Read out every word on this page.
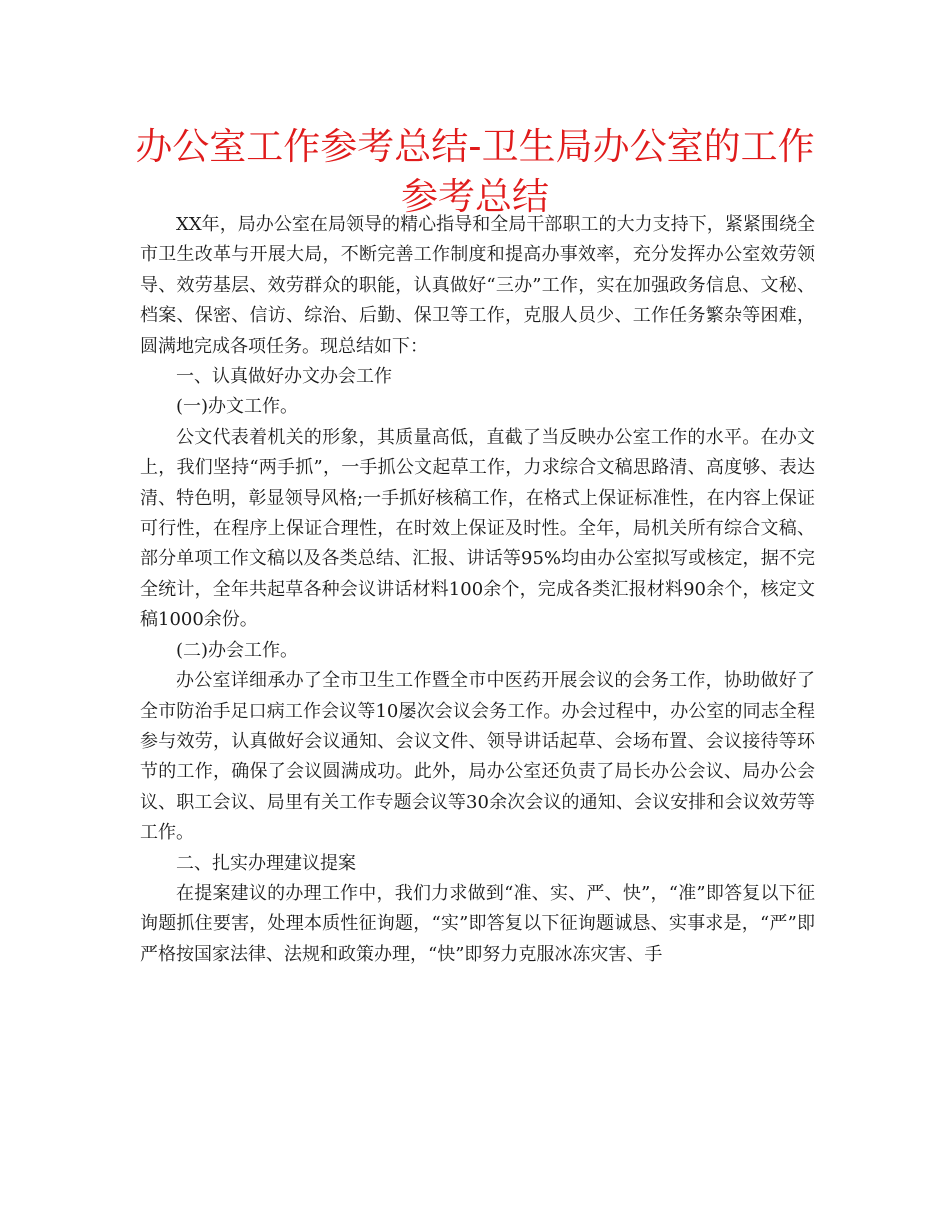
办公室工作参考总结-卫生局办公室的工作参考总结

XX年，局办公室在局领导的精心指导和全局干部职工的大力支持下，紧紧围绕全市卫生改革与开展大局，不断完善工作制度和提高办事效率，充分发挥办公室效劳领导、效劳基层、效劳群众的职能，认真做好“三办”工作，实在加强政务信息、文秘、档案、保密、信访、综治、后勤、保卫等工作，克服人员少、工作任务繁杂等困难，圆满地完成各项任务。现总结如下：

一、认真做好办文办会工作

(一)办文工作。

公文代表着机关的形象，其质量高低，直截了当反映办公室工作的水平。在办文上，我们坚持“两手抓”，一手抓公文起草工作，力求综合文稿思路清、高度够、表达清、特色明，彰显领导风格;一手抓好核稿工作，在格式上保证标准性，在内容上保证可行性，在程序上保证合理性，在时效上保证及时性。全年，局机关所有综合文稿、部分单项工作文稿以及各类总结、汇报、讲话等95%均由办公室拟写或核定，据不完全统计，全年共起草各种会议讲话材料100余个，完成各类汇报材料90余个，核定文稿1000余份。

(二)办会工作。

办公室详细承办了全市卫生工作暨全市中医药开展会议的会务工作，协助做好了全市防治手足口病工作会议等10屡次会议会务工作。办会过程中，办公室的同志全程参与效劳，认真做好会议通知、会议文件、领导讲话起草、会场布置、会议接待等环节的工作，确保了会议圆满成功。此外，局办公室还负责了局长办公会议、局办公会议、职工会议、局里有关工作专题会议等30余次会议的通知、会议安排和会议效劳等工作。

二、扎实办理建议提案

在提案建议的办理工作中，我们力求做到“准、实、严、快”，“准”即答复以下征询题抓住要害，处理本质性征询题，“实”即答复以下征询题诚恳、实事求是，“严”即严格按国家法律、法规和政策办理，“快”即努力克服冰冻灾害、手
